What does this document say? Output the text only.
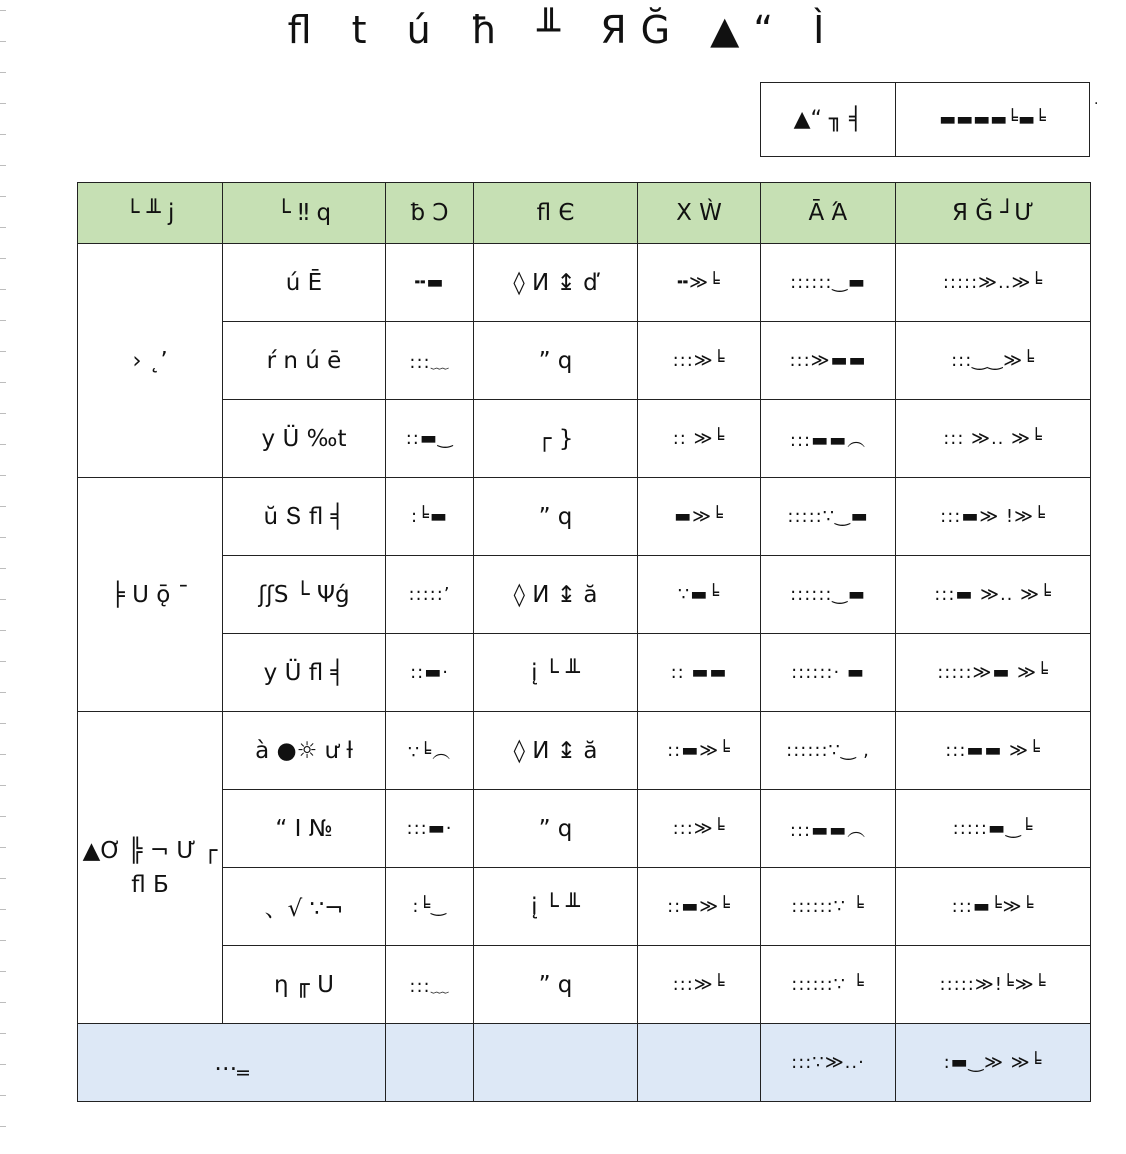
ﬂ t ú ħ ╨ ЯĞ ▲“ Ì
▲“ ╖ ╡	▬▬▬▬╘▬╘
·
└ ╨ j	└ ‼ q	ƀ Ͻ	ﬂ Є	Χ Ẁ	Ā Ά	Я Ğ ┘Ư
› ˛’	ú Ē	╍▬	◊ И ↨ ď	╍≫╘	::::::‿▬	:::::≫..≫╘
	ŕ n ú ē	:::﹏	” q	:::≫╘	:::≫▬▬	:::‿‿≫╘
	y Ü ‰t	::▬‿	┌ }	:: ≫╘	:::▬▬︵	::: ≫.. ≫╘
╞ Ս ǭ ¯	ŭ Տ ﬂ ╡	:╘▬	” q	▬≫╘	:::::∵‿▬	:::▬≫ !≫╘
	ʃʃS └ Ψǵ	:::::’	◊ И ↨ ă	∵▬╘	::::::‿▬	:::▬ ≫.. ≫╘
	y Ü ﬂ ╡	::▬·	į └ ╨	:: ▬▬	::::::· ▬	:::::≫▬ ≫╘
▲Ơ ╠ ¬ Ư ┌ ﬂ Б	à ●☼ ư ƚ	∵╘︵	◊ И ↨ ă	::▬≫╘	::::::∵‿ ,	:::▬▬ ≫╘
	“ I №	:::▬·	” q	:::≫╘	:::▬▬︵	:::::▬‿╘
	、√ ∵¬	:╘‿	į └ ╨	::▬≫╘	::::::∵ ╘	:::▬╘≫╘
	η ╓ Ս	:::﹏	” q	:::≫╘	::::::∵ ╘	:::::≫!╘≫╘
…‗					:::∵≫..·	:▬‿≫ ≫╘
